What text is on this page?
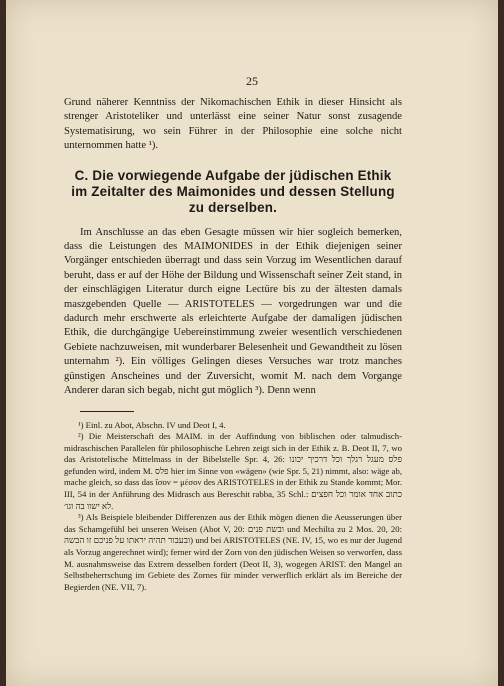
25

Grund näherer Kenntniss der Nikomachischen Ethik in dieser Hinsicht als strenger Aristoteliker und unterlässt eine seiner Natur sonst zusagende Systematisirung, wo sein Führer in der Philosophie eine solche nicht unternommen hatte ¹).

C. Die vorwiegende Aufgabe der jüdischen Ethik
im Zeitalter des Maimonides und dessen Stellung
zu derselben.

Im Anschlusse an das eben Gesagte müssen wir hier sogleich bemerken, dass die Leistungen des MAIMONIDES in der Ethik diejenigen seiner Vorgänger entschieden überragt und dass sein Vorzug im Wesentlichen darauf beruht, dass er auf der Höhe der Bildung und Wissenschaft seiner Zeit stand, in der einschlägigen Literatur durch eigne Lectüre bis zu der ältesten damals maszgebenden Quelle — ARISTOTELES — vorgedrungen war und die dadurch mehr erschwerte als erleichterte Aufgabe der damaligen jüdischen Ethik, die durchgängige Uebereinstimmung zweier wesentlich verschiedenen Gebiete nachzuweisen, mit wunderbarer Belesenheit und Gewandtheit zu lösen unternahm ²). Ein völliges Gelingen dieses Versuches war trotz manches günstigen Anscheines und der Zuversicht, womit M. nach dem Vorgange Anderer daran sich begab, nicht gut möglich ³). Denn wenn

¹) Einl. zu Abot, Abschn. IV und Deot I, 4.

²) Die Meisterschaft des MAIM. in der Auffindung von biblischen oder talmudisch-midraschischen Parallelen für philosophische Lehren zeigt sich in der Ethik z. B. Deot II, 7, wo das Aristotelische Mittelmass in der Bibelstelle Spr. 4, 26: פלס מעגל רגלך וכל דרכיך יכונו gefunden wird, indem M. פלס hier im Sinne von «wägen» (wie Spr. 5, 21) nimmt, also: wäge ab, mache gleich, so dass das ἴσον = μέσον des ARISTOTELES in der Ethik zu Stande kommt; Mor. III, 54 in der Anführung des Midrasch aus Bereschit rabba, 35 Schl.: כתוב אחד אומר וכל חפצים לא ישוו בה וגו׳.

³) Als Beispiele bleibender Differenzen aus der Ethik mögen dienen die Aeusserungen über das Schamgefühl bei unseren Weisen (Abot V, 20: ובשת פנים und Mechilta zu 2 Mos. 20, 20: ובעבור תהיה יראתו על פניכם זו הבשה) und bei ARISTOTELES (NE. IV, 15, wo es nur der Jugend als Vorzug angerechnet wird); ferner wird der Zorn von den jüdischen Weisen so verworfen, dass M. ausnahmsweise das Extrem desselben fordert (Deot II, 3), wogegen ARIST. den Mangel an Selbstbeherrschung im Gebiete des Zornes für minder verwerflich erklärt als im Bereiche der Begierden (NE. VII, 7).
